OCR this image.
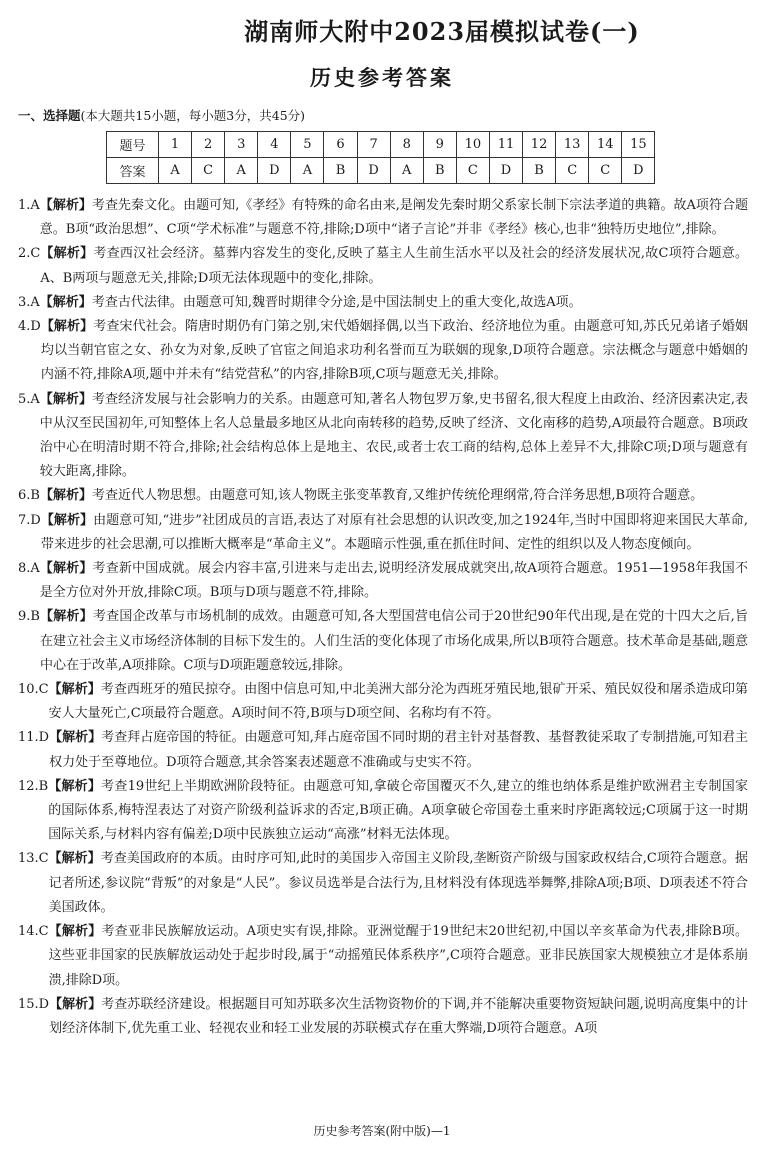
湖南师大附中2023届模拟试卷(一)
历史参考答案
一、选择题(本大题共15小题，每小题3分，共45分)
题号	1	2	3	4	5	6	7	8	9	10	11	12	13	14	15
答案	A	C	A	D	A	B	D	A	B	C	D	B	C	C	D
1.A 【解析】考查先秦文化。由题可知,《孝经》有特殊的命名由来,是阐发先秦时期父系家长制下宗法孝道的典籍。故A项符合题意。B项“政治思想”、C项“学术标准”与题意不符,排除;D项中“诸子言论”并非《孝经》核心,也非“独特历史地位”,排除。
2.C 【解析】考查西汉社会经济。墓葬内容发生的变化,反映了墓主人生前生活水平以及社会的经济发展状况,故C项符合题意。A、B两项与题意无关,排除;D项无法体现题中的变化,排除。
3.A 【解析】考查古代法律。由题意可知,魏晋时期律令分途,是中国法制史上的重大变化,故选A项。
4.D 【解析】考查宋代社会。隋唐时期仍有门第之别,宋代婚姻择偶,以当下政治、经济地位为重。由题意可知,苏氏兄弟诸子婚姻均以当朝官宦之女、孙女为对象,反映了官宦之间追求功利名誉而互为联姻的现象,D项符合题意。宗法概念与题意中婚姻的内涵不符,排除A项,题中并未有“结党营私”的内容,排除B项,C项与题意无关,排除。
5.A 【解析】考查经济发展与社会影响力的关系。由题意可知,著名人物包罗万象,史书留名,很大程度上由政治、经济因素决定,表中从汉至民国初年,可知整体上名人总量最多地区从北向南转移的趋势,反映了经济、文化南移的趋势,A项最符合题意。B项政治中心在明清时期不符合,排除;社会结构总体上是地主、农民,或者士农工商的结构,总体上差异不大,排除C项;D项与题意有较大距离,排除。
6.B 【解析】考查近代人物思想。由题意可知,该人物既主张变革教育,又维护传统伦理纲常,符合洋务思想,B项符合题意。
7.D 【解析】由题意可知,“进步”社团成员的言语,表达了对原有社会思想的认识改变,加之1924年,当时中国即将迎来国民大革命,带来进步的社会思潮,可以推断大概率是“革命主义”。本题暗示性强,重在抓住时间、定性的组织以及人物态度倾向。
8.A 【解析】考查新中国成就。展会内容丰富,引进来与走出去,说明经济发展成就突出,故A项符合题意。1951—1958年我国不是全方位对外开放,排除C项。B项与D项与题意不符,排除。
9.B 【解析】考查国企改革与市场机制的成效。由题意可知,各大型国营电信公司于20世纪90年代出现,是在党的十四大之后,旨在建立社会主义市场经济体制的目标下发生的。人们生活的变化体现了市场化成果,所以B项符合题意。技术革命是基础,题意中心在于改革,A项排除。C项与D项距题意较远,排除。
10.C 【解析】考查西班牙的殖民掠夺。由图中信息可知,中北美洲大部分沦为西班牙殖民地,银矿开采、殖民奴役和屠杀造成印第安人大量死亡,C项最符合题意。A项时间不符,B项与D项空间、名称均有不符。
11.D 【解析】考查拜占庭帝国的特征。由题意可知,拜占庭帝国不同时期的君主针对基督教、基督教徒采取了专制措施,可知君主权力处于至尊地位。D项符合题意,其余答案表述题意不准确或与史实不符。
12.B 【解析】考查19世纪上半期欧洲阶段特征。由题意可知,拿破仑帝国覆灭不久,建立的维也纳体系是维护欧洲君主专制国家的国际体系,梅特涅表达了对资产阶级利益诉求的否定,B项正确。A项拿破仑帝国卷土重来时序距离较远;C项属于这一时期国际关系,与材料内容有偏差;D项中民族独立运动“高涨”材料无法体现。
13.C 【解析】考查美国政府的本质。由时序可知,此时的美国步入帝国主义阶段,垄断资产阶级与国家政权结合,C项符合题意。据记者所述,参议院“背叛”的对象是“人民”。参议员选举是合法行为,且材料没有体现选举舞弊,排除A项;B项、D项表述不符合美国政体。
14.C 【解析】考查亚非民族解放运动。A项史实有误,排除。亚洲觉醒于19世纪末20世纪初,中国以辛亥革命为代表,排除B项。这些亚非国家的民族解放运动处于起步时段,属于“动摇殖民体系秩序”,C项符合题意。亚非民族国家大规模独立才是体系崩溃,排除D项。
15.D 【解析】考查苏联经济建设。根据题目可知苏联多次生活物资物价的下调,并不能解决重要物资短缺问题,说明高度集中的计划经济体制下,优先重工业、轻视农业和轻工业发展的苏联模式存在重大弊端,D项符合题意。A项
历史参考答案(附中版)—1
